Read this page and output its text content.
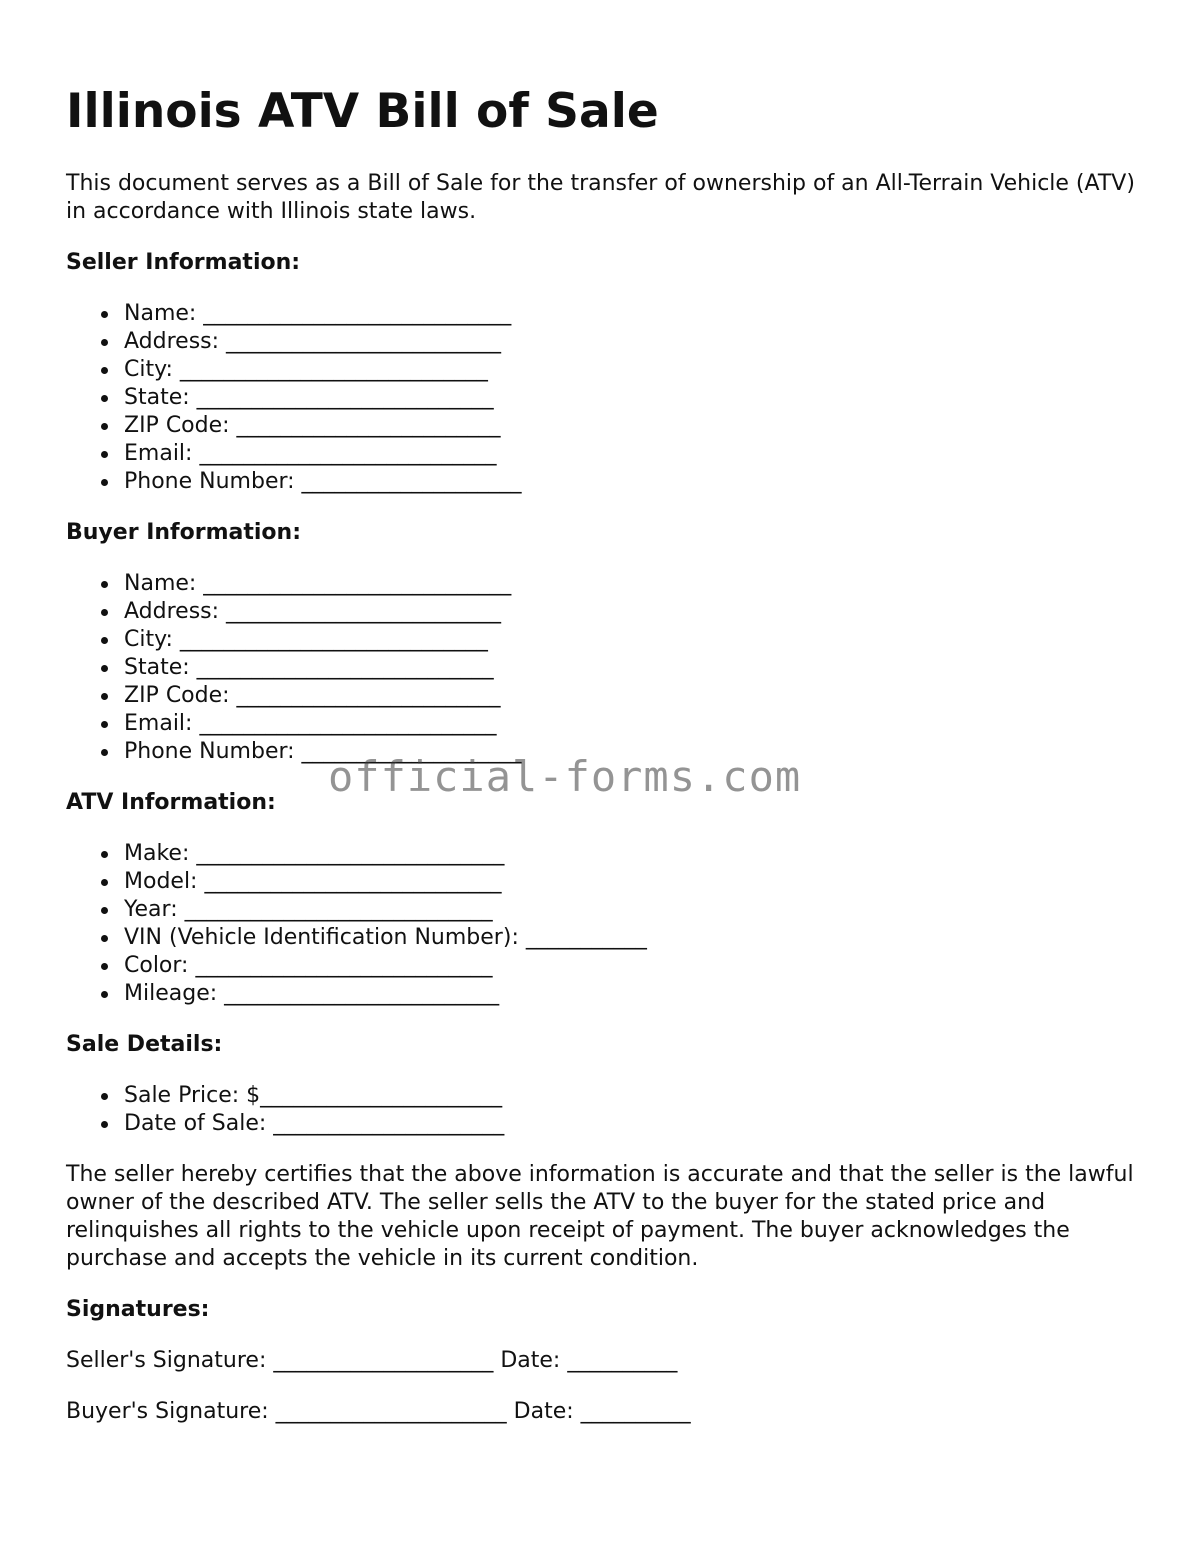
Illinois ATV Bill of Sale

This document serves as a Bill of Sale for the transfer of ownership of an All-Terrain Vehicle (ATV) in accordance with Illinois state laws.

Seller Information:
Name: ____________________________
Address: _________________________
City: ____________________________
State: ___________________________
ZIP Code: ________________________
Email: ___________________________
Phone Number: ____________________
Buyer Information:
Name: ____________________________
Address: _________________________
City: ____________________________
State: ___________________________
ZIP Code: ________________________
Email: ___________________________
Phone Number: ____________________
ATV Information:
Make: ____________________________
Model: ___________________________
Year: ____________________________
VIN (Vehicle Identification Number): ___________
Color: ___________________________
Mileage: _________________________
Sale Details:
Sale Price: $______________________
Date of Sale: _____________________

The seller hereby certifies that the above information is accurate and that the seller is the lawful owner of the described ATV. The seller sells the ATV to the buyer for the stated price and relinquishes all rights to the vehicle upon receipt of payment. The buyer acknowledges the purchase and accepts the vehicle in its current condition.

Signatures:
Seller's Signature: ____________________ Date: __________
Buyer's Signature: _____________________ Date: __________
official-forms.com
